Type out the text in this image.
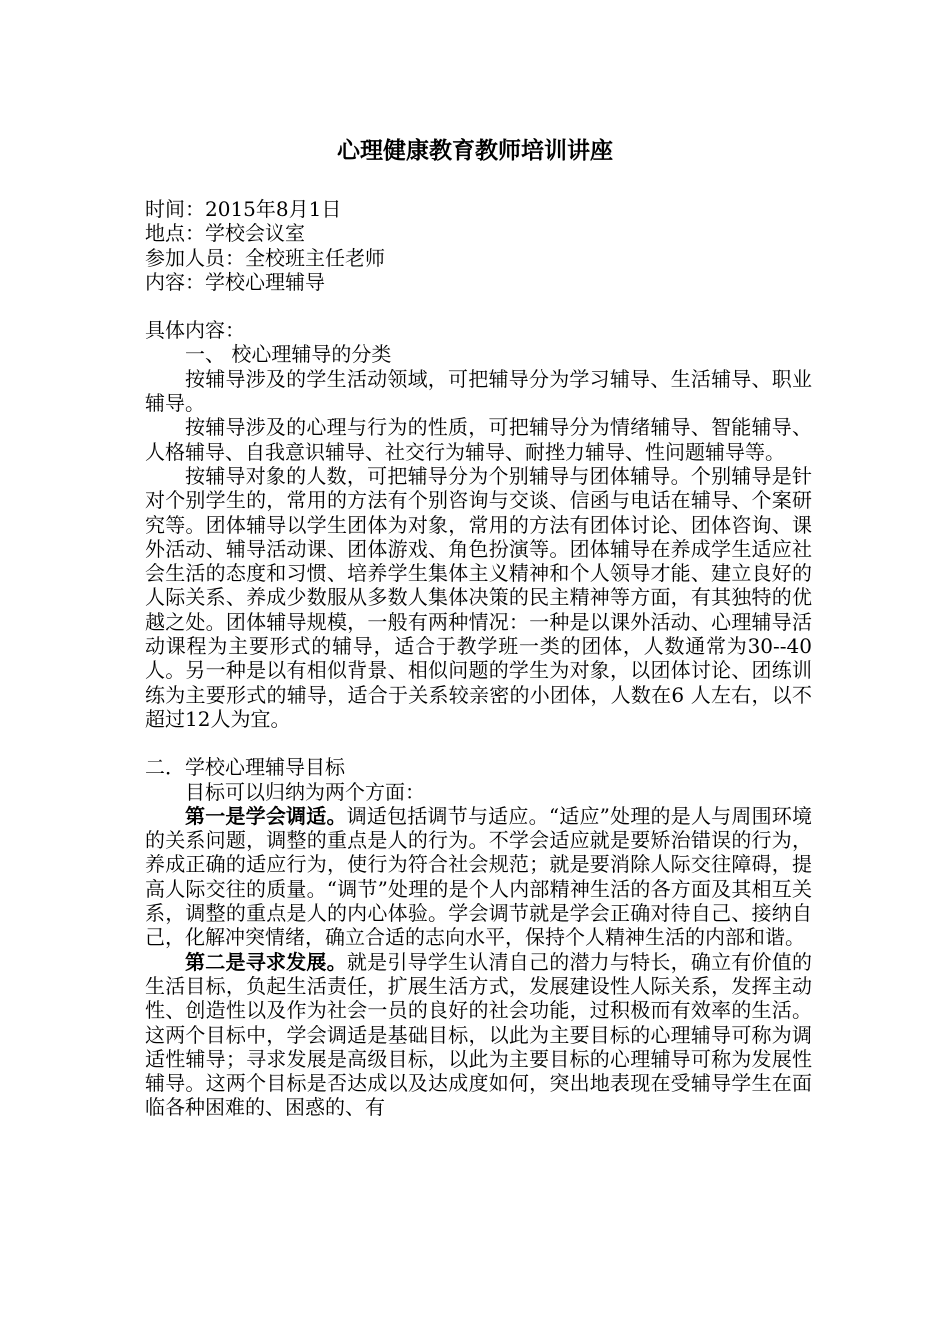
心理健康教育教师培训讲座
时间：2015年8月1日
地点：学校会议室
参加人员：全校班主任老师
内容：学校心理辅导
具体内容：
一、 校心理辅导的分类
按辅导涉及的学生活动领域，可把辅导分为学习辅导、生活辅导、职业辅导。
按辅导涉及的心理与行为的性质，可把辅导分为情绪辅导、智能辅导、人格辅导、自我意识辅导、社交行为辅导、耐挫力辅导、性问题辅导等。
按辅导对象的人数，可把辅导分为个别辅导与团体辅导。个别辅导是针对个别学生的，常用的方法有个别咨询与交谈、信函与电话在辅导、个案研究等。团体辅导以学生团体为对象，常用的方法有团体讨论、团体咨询、课外活动、辅导活动课、团体游戏、角色扮演等。团体辅导在养成学生适应社会生活的态度和习惯、培养学生集体主义精神和个人领导才能、建立良好的人际关系、养成少数服从多数人集体决策的民主精神等方面，有其独特的优越之处。团体辅导规模，一般有两种情况：一种是以课外活动、心理辅导活动课程为主要形式的辅导，适合于教学班一类的团体，人数通常为30--40人。另一种是以有相似背景、相似问题的学生为对象，以团体讨论、团练训练为主要形式的辅导，适合于关系较亲密的小团体，人数在6 人左右，以不超过12人为宜。
二．学校心理辅导目标
目标可以归纳为两个方面：
第一是学会调适。调适包括调节与适应。“适应”处理的是人与周围环境的关系问题，调整的重点是人的行为。不学会适应就是要矫治错误的行为，养成正确的适应行为，使行为符合社会规范；就是要消除人际交往障碍，提高人际交往的质量。“调节”处理的是个人内部精神生活的各方面及其相互关系，调整的重点是人的内心体验。学会调节就是学会正确对待自己、接纳自己，化解冲突情绪，确立合适的志向水平，保持个人精神生活的内部和谐。
第二是寻求发展。就是引导学生认清自己的潜力与特长，确立有价值的生活目标，负起生活责任，扩展生活方式，发展建设性人际关系，发挥主动性、创造性以及作为社会一员的良好的社会功能，过积极而有效率的生活。这两个目标中，学会调适是基础目标，以此为主要目标的心理辅导可称为调适性辅导；寻求发展是高级目标，以此为主要目标的心理辅导可称为发展性辅导。这两个目标是否达成以及达成度如何，突出地表现在受辅导学生在面临各种困难的、困惑的、有
